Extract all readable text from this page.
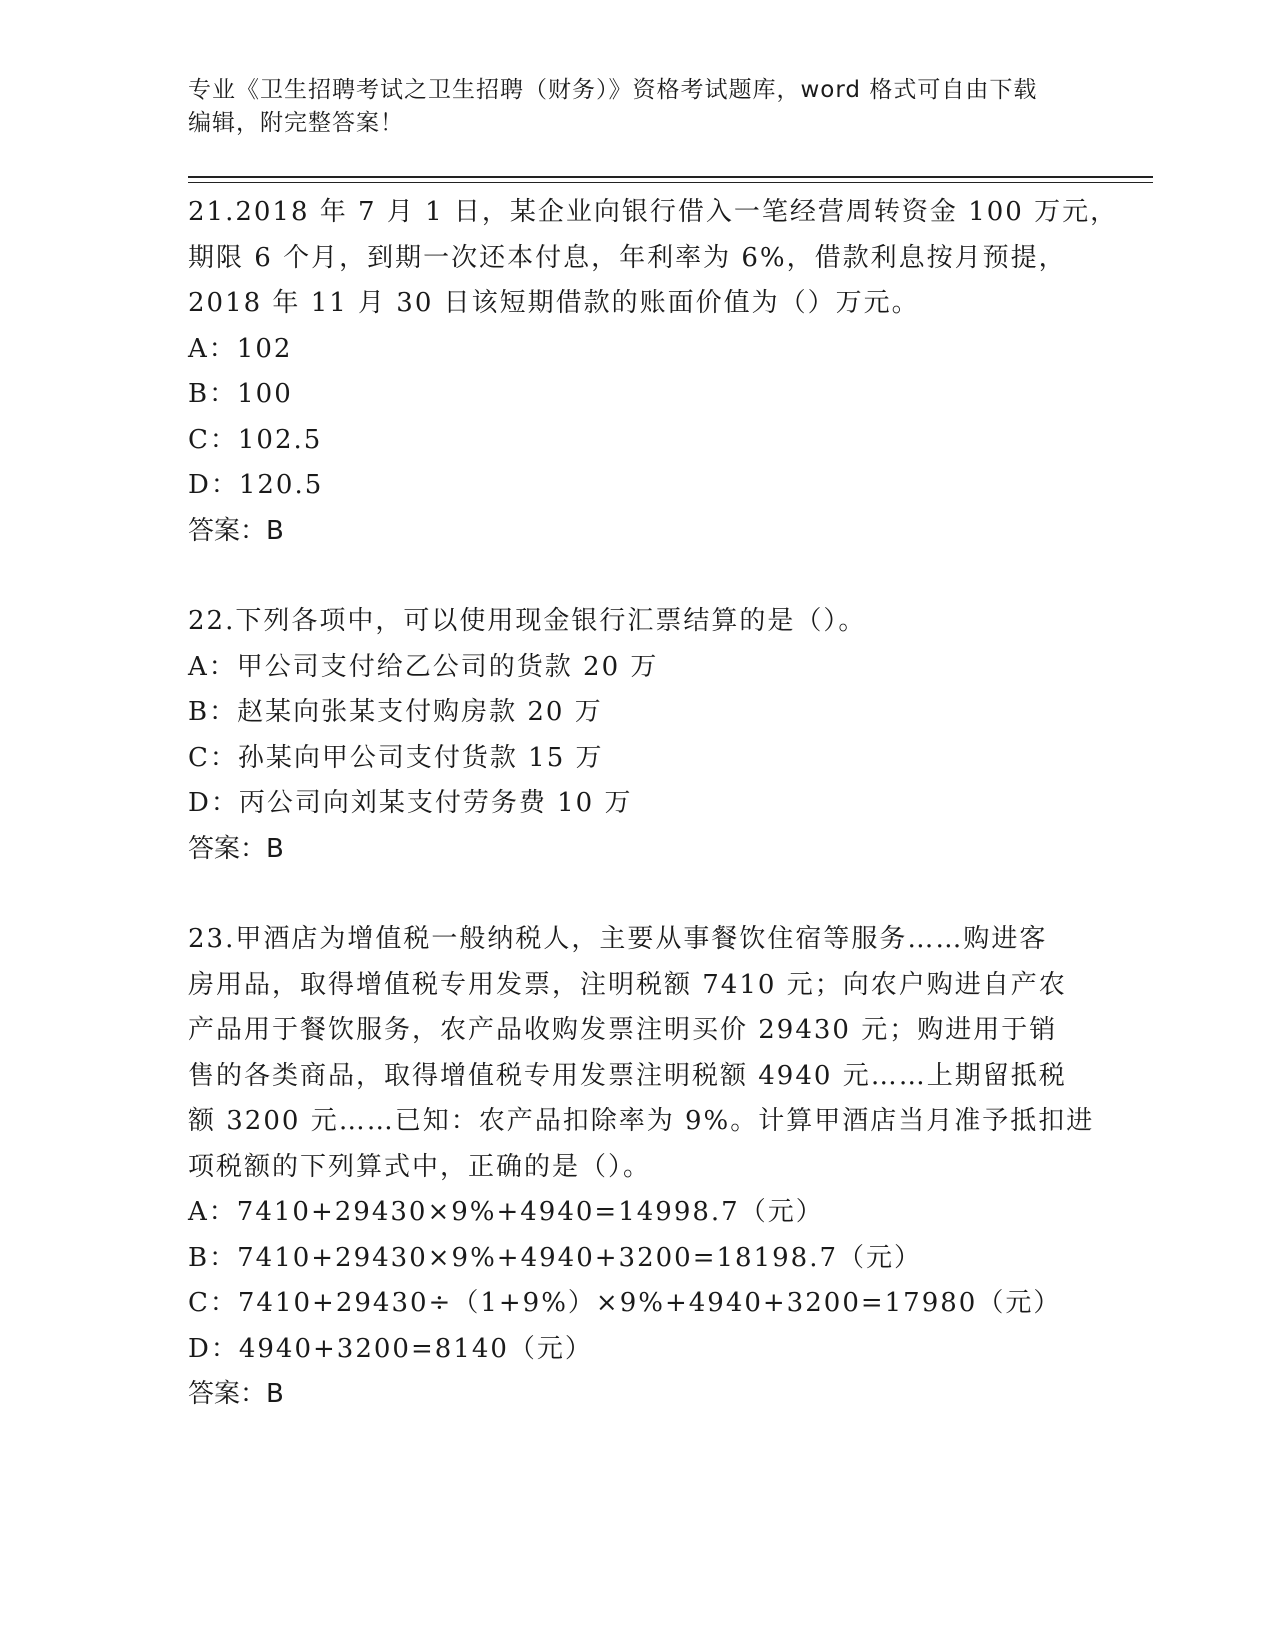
专业《卫生招聘考试之卫生招聘（财务）》资格考试题库，word 格式可自由下载
编辑，附完整答案！
21.2018 年 7 月 1 日，某企业向银行借入一笔经营周转资金 100 万元，
期限 6 个月，到期一次还本付息，年利率为 6%，借款利息按月预提，
2018 年 11 月 30 日该短期借款的账面价值为（）万元。
A：102
B：100
C：102.5
D：120.5
答案：B
22.下列各项中，可以使用现金银行汇票结算的是（）。
A：甲公司支付给乙公司的货款 20 万
B：赵某向张某支付购房款 20 万
C：孙某向甲公司支付货款 15 万
D：丙公司向刘某支付劳务费 10 万
答案：B
23.甲酒店为增值税一般纳税人，主要从事餐饮住宿等服务……购进客
房用品，取得增值税专用发票，注明税额 7410 元；向农户购进自产农
产品用于餐饮服务，农产品收购发票注明买价 29430 元；购进用于销
售的各类商品，取得增值税专用发票注明税额 4940 元……上期留抵税
额 3200 元……已知：农产品扣除率为 9%。计算甲酒店当月准予抵扣进
项税额的下列算式中，正确的是（）。
A：7410+29430×9%+4940=14998.7（元）
B：7410+29430×9%+4940+3200=18198.7（元）
C：7410+29430÷（1+9%）×9%+4940+3200=17980（元）
D：4940+3200=8140（元）
答案：B
